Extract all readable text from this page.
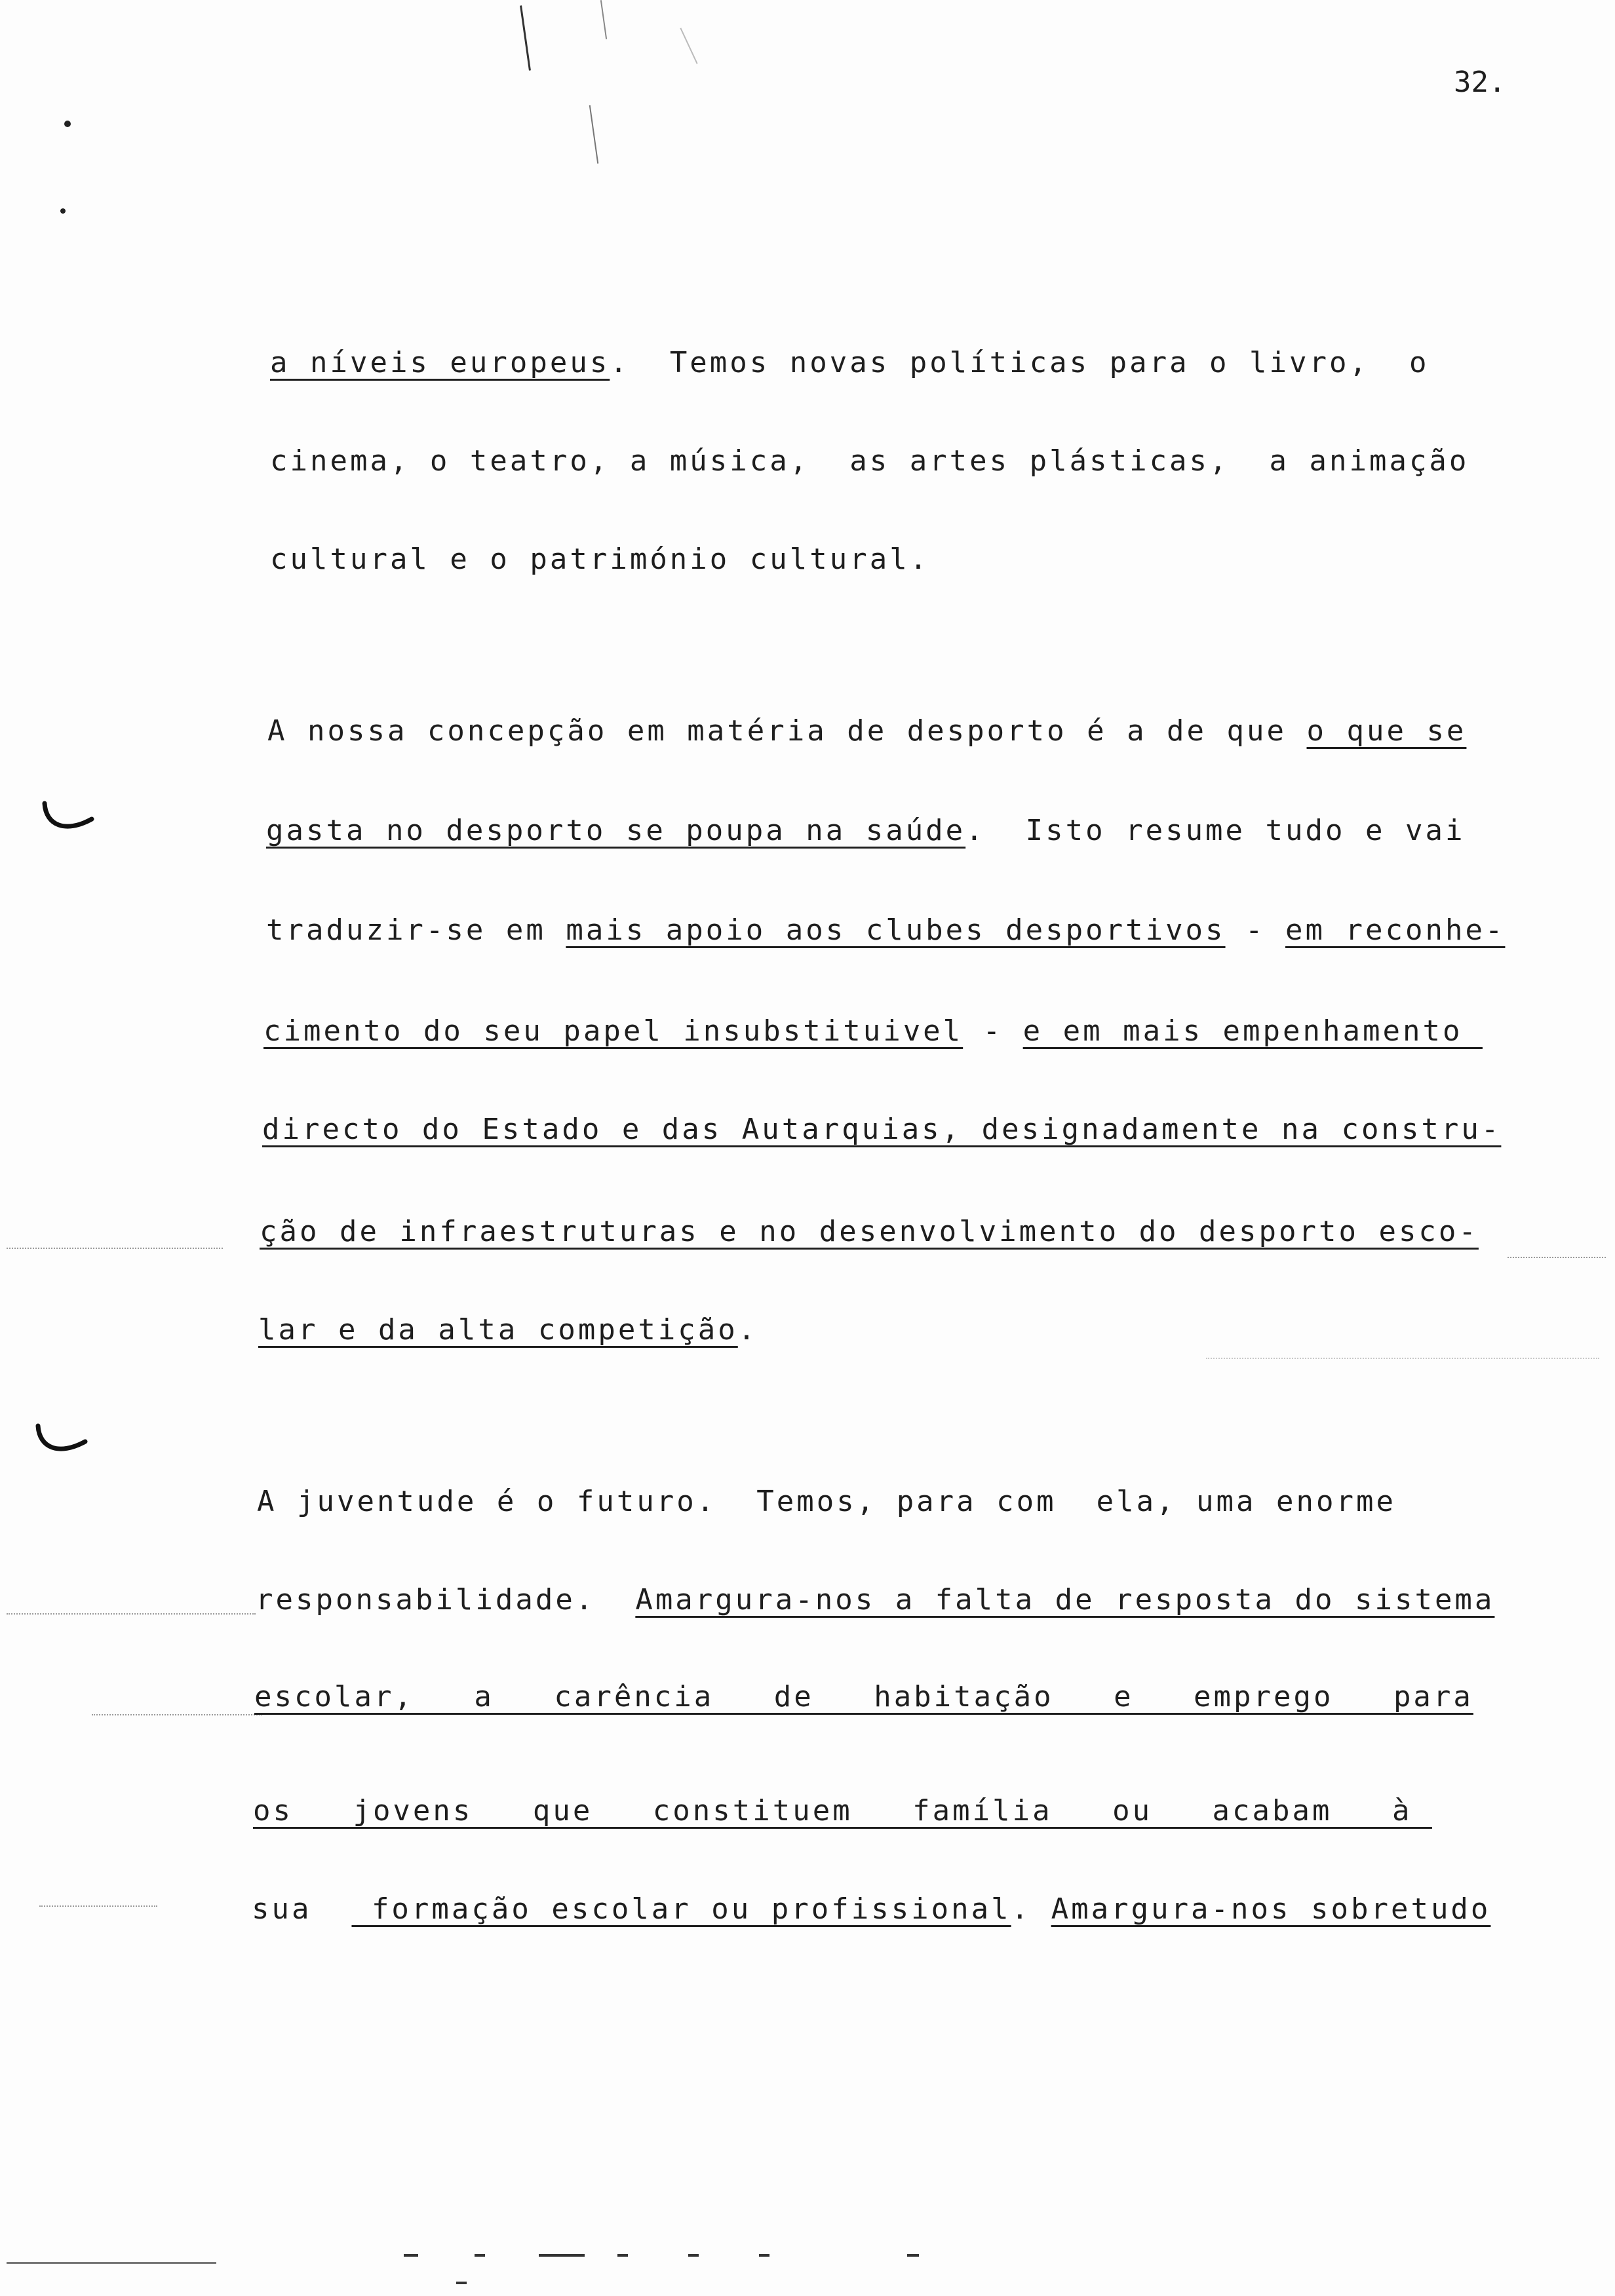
32.
a níveis europeus.  Temos novas políticas para o livro,  o
cinema, o teatro, a música,  as artes plásticas,  a animação
cultural e o património cultural.
A nossa concepção em matéria de desporto é a de que o que se
gasta no desporto se poupa na saúde.  Isto resume tudo e vai
traduzir-se em mais apoio aos clubes desportivos - em reconhe-
cimento do seu papel insubstituivel - e em mais empenhamento
directo do Estado e das Autarquias, designadamente na constru-
ção de infraestruturas e no desenvolvimento do desporto esco-
lar e da alta competição.
A juventude é o futuro.  Temos, para com  ela, uma enorme
responsabilidade.  Amargura-nos a falta de resposta do sistema
escolar,   a   carência   de   habitação   e   emprego   para
os   jovens   que   constituem   família   ou   acabam   à
sua   formação escolar ou profissional. Amargura-nos sobretudo
